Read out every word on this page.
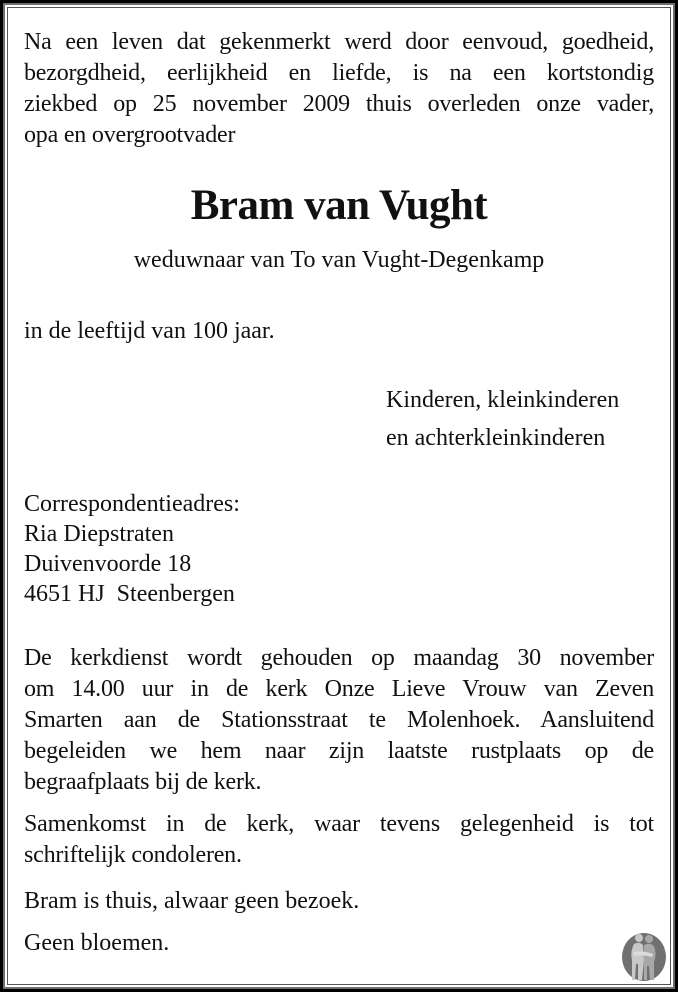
Na een leven dat gekenmerkt werd door eenvoud, goedheid,
bezorgdheid, eerlijkheid en liefde, is na een kortstondig
ziekbed op 25 november 2009 thuis overleden onze vader,
opa en overgrootvader

Bram van Vught
weduwnaar van To van Vught-Degenkamp
in de leeftijd van 100 jaar.
Kinderen, kleinkinderen
en achterkleinkinderen
Correspondentieadres:
Ria Diepstraten
Duivenvoorde 18
4651 HJ  Steenbergen

De kerkdienst wordt gehouden op maandag 30 november
om 14.00 uur in de kerk Onze Lieve Vrouw van Zeven
Smarten aan de Stationsstraat te Molenhoek. Aansluitend
begeleiden we hem naar zijn laatste rustplaats op de
begraafplaats bij de kerk.

Samenkomst in de kerk, waar tevens gelegenheid is tot
schriftelijk condoleren.

Bram is thuis, alwaar geen bezoek.
Geen bloemen.
